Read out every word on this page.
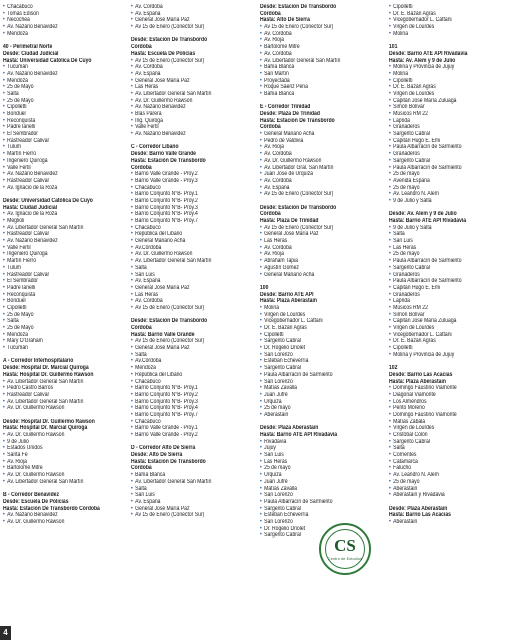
• Chacabuco
• Tomás Edison
• Necochea
• Av. Nazario Benavidez
• Mendoza
40 - Perimetral Norte
Desde: Ciudad Judicial
Hasta: Universidad Católica De Cuyo
• Tucumán
• Av. Nazario Benavidez
• Mendoza
• 25 de Mayo
• Salta
• 25 de Mayo
• Cipolletti
• Bonduel
• Reconquista
• Padre Ianelli
• El Sembrador
• Rastreador Calivar
• Tulum
• Martín Fierro
• Ingeniero Quiroga
• Valle Fertil
• Av. Nazario Benavidez
• Rastreador Calivar
• Av. Ignacio de la Roza
Desde: Universidad Católica De Cuyo
Hasta: Ciudad Judicial
• Av. Ignacio de la Roza
• Meglioli
• Av. Libertador General San Martín
• Rastreador Calivar
• Av. Nazario Benavidez
• Valle Fertil
• Ingeniero Quiroga
• Martín Fierro
• Tulum
• Rastreador Calivar
• El Sembrador
• Padre Ianelli
• Reconquista
• Bonduel
• Cipolletti
• 25 de Mayo
• Salta
• 25 de Mayo
• Mendoza
• Mary O'Graham
• Tucumán
A - Corredor Interhospitalario
Desde: Hospital Dr. Marcial Quiroga
Hasta: Hospital Dr. Guillermo Rawson
• Av. Libertador General San Martín
• Pedro Castro Barros
• Rastreador Calivar
• Av. Libertador General San Martín
• Av. Dr. Guillermo Rawson
Desde: Hospital Dr. Guillermo Rawson
Hasta: Hospital Dr. Marcial Quiroga
• Av. Dr. Guillermo Rawson
• 9 de Julio
• Estados Unidos
• Santa Fe
• Av. Rioja
• Bartolomé Mitre
• Av. Dr. Guillermo Rawson
• Av. Libertador General San Martín
B - Corredor Benavidez
Desde: Escuela De Policías
Hasta: Estación De Transbordo Córdoba
• Av. Nazario Benavidez
• Av. Dr. Guillermo Rawson
• Av. Córdoba
• Av. España
• General José María Paz
• Av 15 de Enero (Conector Sur)
Desde: Estación De Transbordo
Córdoba
Hasta: Escuela De Policías
• Av 15 de Enero (Conector Sur)
• Av. Córdoba
• Av. España
• General José María Paz
• Las Heras
• Av. Libertador General San Martín
• Av. Dr. Guillermo Rawson
• Av. Nazario Benavidez
• Blas Parera
• Ing. Quiroga
• Valle Fertil
• Av. Nazario Benavidez
C - Corredor Libano
Desde: Barrio Valle Grande
Hasta: Estación De Transbordo
Córdoba
• Barrio Valle Grande - Proy.2
• Barrio Valle Grande - Proy.3
• Chacabuco
• Barrio Conjunto N°B- Proy.1
• Barrio Conjunto N°B- Proy.2
• Barrio Conjunto N°B- Proy.3
• Barrio Conjunto N°B- Proy.4
• Barrio Conjunto N°B- Proy.7
• Chacabuco
• República del Libano
• General Mariano Acha
• Av.Córdoba
• Av. Dr. Guillermo Rawson
• Av. Libertador General San Martín
• Salta
• San Luis
• Av. España
• General José María Paz
• Las Heras
• Av. Córdoba
• Av 15 de Enero (Conector Sur)
Desde: Estación De Transbordo
Córdoba
Hasta: Barrio Valle Grande
• Av 15 de Enero (Conector Sur)
• General José María Paz
• Salta
• Av.Córdoba
• Mendoza
• República del Libano
• Chacabuco
• Barrio Conjunto N°B- Proy.1
• Barrio Conjunto N°B- Proy.2
• Barrio Conjunto N°B- Proy.3
• Barrio Conjunto N°B- Proy.4
• Barrio Conjunto N°B- Proy.7
• Chacabuco
• Barrio Valle Grande - Proy.1
• Barrio Valle Grande - Proy.2
D - Corredor Alto De Sierra
Desde: Alto De Sierra
Hasta: Estación De Transbordo
Córdoba
• Bahía Blanca
• Av. Libertador General San Martín
• Salta
• San Luis
• Av. España
• General José María Paz
• Av 15 de Enero (Conector Sur)
Desde: Estación De Transbordo
Córdoba
Hasta: Alto De Sierra
• Av 15 de Enero (Conector Sur)
• Av. Córdoba
• Av. Rioja
• Bartolomé Mitre
• Av. Córdoba
• Av. Libertador General San Martín
• Bahía Blanca
• San Martín
• Proyectada
• Roque Sáenz Peña
• Bahía Blanca
E - Corredor Trinidad
Desde: Plaza De Trinidad
Hasta: Estación De Transbordo
Córdoba
• General Mariano Acha
• Pedro de Valdivia
• Av. Rioja
• Av. Córdoba
• Av. Dr. Guillermo Rawson
• Av. Libertador Gral. San Martín
• Juan Jose de Urquiza
• Av. Córdoba
• Av. España
• Av 15 de Enero (Conector Sur)
Desde: Estación De Transbordo
Córdoba
Hasta: Plaza De Trinidad
• Av 15 de Enero (Conector Sur)
• General José María Paz
• Las Heras
• Av. Córdoba
• Av. Rioja
• Abraham Tapia
• Agustín Gómez
• General Mariano Acha
100
Desde: Barrio ATE API
Hasta: Plaza Aberastain
• Molina
• Virgen de Lourdes
• Vicegobernador L. Cattani
• Dr. E. Bazán Agras
• Cipolletti
• Sargento Cabral
• Dr. Rogelio Driolet
• San Lorenzo
• Esteban Echeverría
• Sargento Cabral
• Paula Albarracín de Sarmiento
• San Lorenzo
• Matías Zavalla
• Juan Jufré
• Urquiza
• 25 de mayo
• Aberastain
Desde: Plaza Aberastain
Hasta: Barrio ATE API Rivadavia
• Rivadavia
• Jujuy
• San Luis
• Las Heras
• 25 de mayo
• Urquiza
• Juan Jufré
• Matías Zavalla
• San Lorenzo
• Paula Albarracín de Sarmiento
• Sargento Cabral
• Esteban Echeverría
• San Lorenzo
• Dr. Rogelio Driolet
• Sargento Cabral
• Cipolletti
• Dr. E. Bazán Agras
• Vicegobernador L. Cattani
• Virgen de Lourdes
• Molina
101
Desde: Barrio ATE API Rivadavia
Hasta: Av. Alem y 9 de Julio
• Molina y Provincia de Jujuy
• Molina
• Cipolletti
• Dr. E. Bazán Agras
• Virgen de Lourdes
• Capitán Jose María Zuluaga
• Simón Bolívar
• Músicos RM 22
• Laprida
• Granaderos
• Sargento Cabral
• Capitán Hugo E. Emi
• Paula Albarracín de Sarmiento
• Granaderos
• Sargento Cabral
• Paula Albarracín de Sarmiento
• 25 de mayo
• Avenida España
• 25 de mayo
• Av. Leandro N. Alem
• 9 de Julio y Salta
Desde: Av. Alem y 9 de Julio
Hasta: Barrio ATE API Rivadavia
• 9 de Julio y Salta
• Salta
• San Luis
• Las Heras
• 25 de mayo
• Paula Albarracín de Sarmiento
• Sargento Cabral
• Granaderos
• Paula Albarracín de Sarmiento
• Capitán Hugo E. Emi
• Granaderos
• Laprida
• Músicos RM 22
• Simón Bolívar
• Capitán José María Zuluaga
• Virgen de Lourdes
• Vicegobernador L. Cattani
• Dr. E. Bazán Agras
• Cipolletti
• Molina y Provincia de Jujuy
102
Desde: Barrio Las Acacias
Hasta: Plaza Aberastain
• Domingo Faustino Viamonte
• Diagonal Viamonte
• Los Almendros
• Perito Moreno
• Domingo Faustino Viamonte
• Matías Zabala
• Virgen de Lourdes
• Cristóbal Colón
• Sargento Cabral
• Salta
• Corrientes
• Catamarca
• Falucho
• Av. Leandro N. Alem
• 25 de mayo
• Aberastain
• Aberastain y Rivadavia
Desde: Plaza Aberastain
Hasta: Barrio Las Acacias
• Aberastain
CS
Centro de Estudios
4
